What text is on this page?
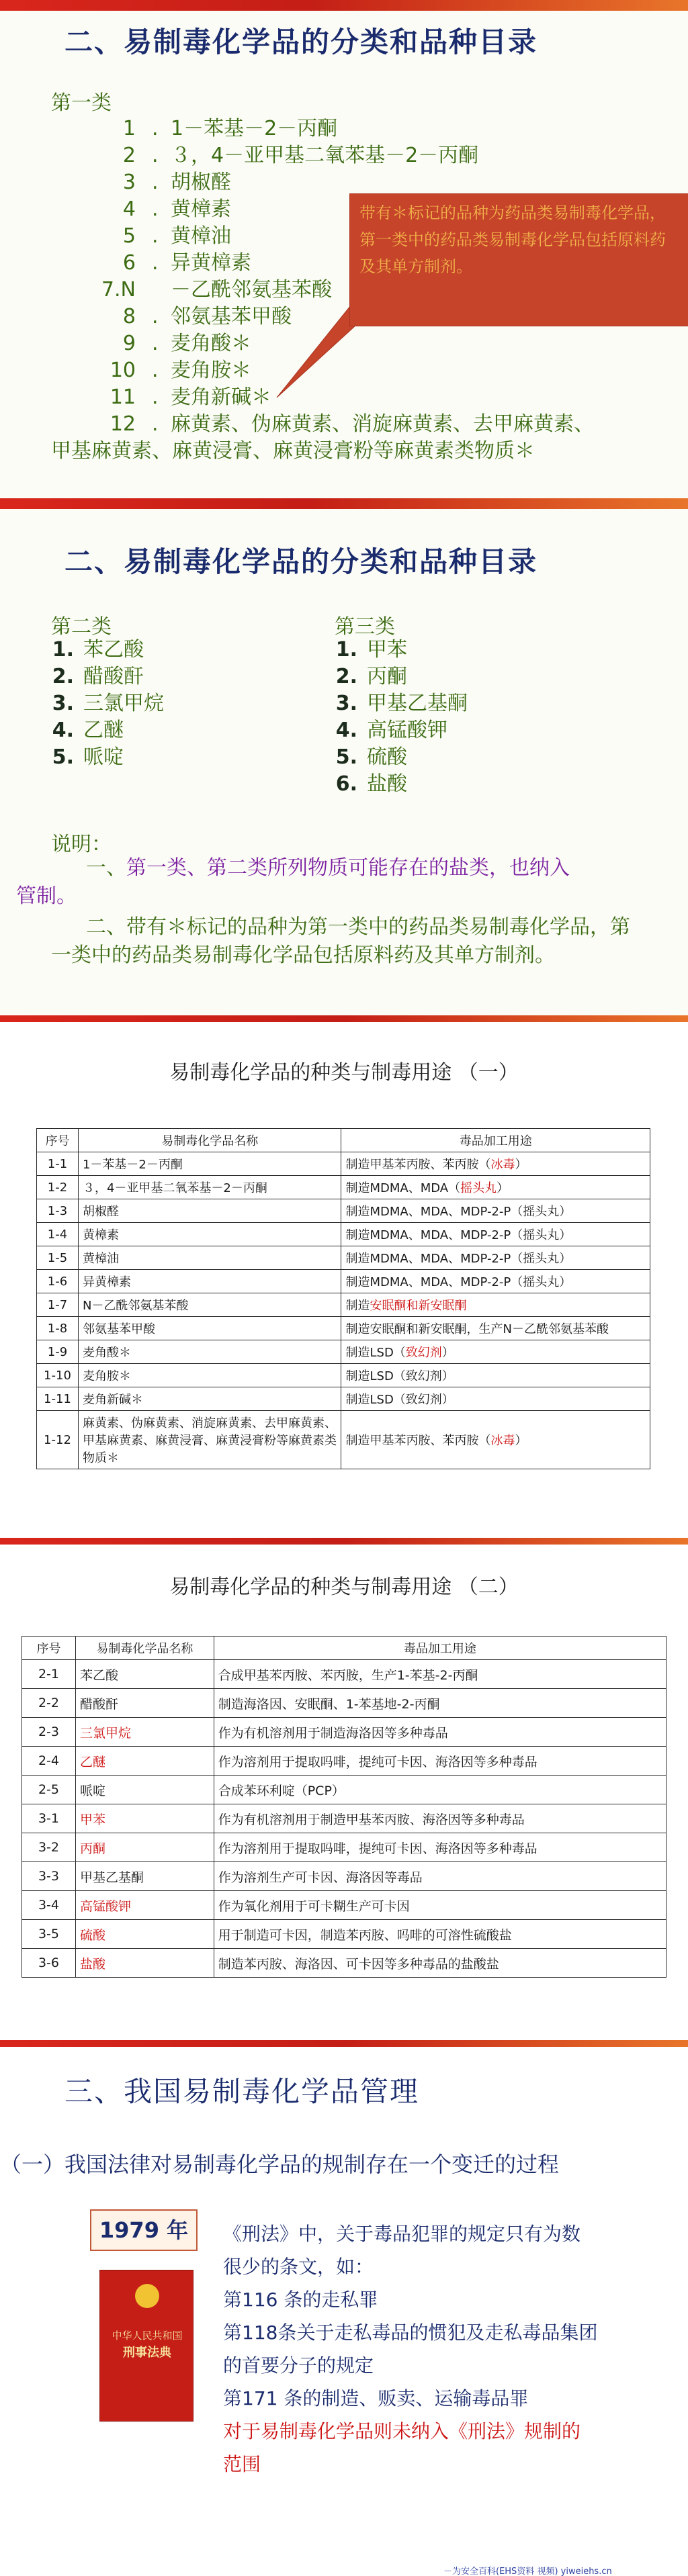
二、易制毒化学品的分类和品种目录
第一类
1 . 1－苯基－2－丙酮
2 . ３，4－亚甲基二氧苯基－2－丙酮
3 . 胡椒醛
4 . 黄樟素
5 . 黄樟油
6 . 异黄樟素
7.N	－乙酰邻氨基苯酸
8 . 邻氨基苯甲酸
9 . 麦角酸＊
10 . 麦角胺＊
11 . 麦角新碱＊
12 . 麻黄素、伪麻黄素、消旋麻黄素、去甲麻黄素、
甲基麻黄素、麻黄浸膏、麻黄浸膏粉等麻黄素类物质＊
带有＊标记的品种为药品类易制毒化学品，第一类中的药品类易制毒化学品包括原料药及其单方制剂。
二、易制毒化学品的分类和品种目录
第二类
1. 苯乙酸
2. 醋酸酐
3. 三氯甲烷
4. 乙醚
5. 哌啶
第三类
1. 甲苯
2. 丙酮
3. 甲基乙基酮
4. 高锰酸钾
5. 硫酸
6. 盐酸
说明：
一、第一类、第二类所列物质可能存在的盐类，也纳入
管制。
二、带有＊标记的品种为第一类中的药品类易制毒化学品，第一类中的药品类易制毒化学品包括原料药及其单方制剂。
易制毒化学品的种类与制毒用途 （一）
序号	易制毒化学品名称	毒品加工用途
1-1	1－苯基－2－丙酮	制造甲基苯丙胺、苯丙胺（冰毒）
1-2	３，4－亚甲基二氧苯基－2－丙酮	制造MDMA、MDA（摇头丸）
1-3	胡椒醛	制造MDMA、MDA、MDP-2-P（摇头丸）
1-4	黄樟素	制造MDMA、MDA、MDP-2-P（摇头丸）
1-5	黄樟油	制造MDMA、MDA、MDP-2-P（摇头丸）
1-6	异黄樟素	制造MDMA、MDA、MDP-2-P（摇头丸）
1-7	N－乙酰邻氨基苯酸	制造安眠酮和新安眠酮
1-8	邻氨基苯甲酸	制造安眠酮和新安眠酮，生产N－乙酰邻氨基苯酸
1-9	麦角酸＊	制造LSD（致幻剂）
1-10	麦角胺＊	制造LSD（致幻剂）
1-11	麦角新碱＊	制造LSD（致幻剂）
1-12	麻黄素、伪麻黄素、消旋麻黄素、去甲麻黄素、甲基麻黄素、麻黄浸膏、麻黄浸膏粉等麻黄素类物质＊	制造甲基苯丙胺、苯丙胺（冰毒）
易制毒化学品的种类与制毒用途 （二）
序号	易制毒化学品名称	毒品加工用途
2-1	苯乙酸	合成甲基苯丙胺、苯丙胺，生产1-苯基-2-丙酮
2-2	醋酸酐	制造海洛因、安眠酮、1-苯基地-2-丙酮
2-3	三氯甲烷	作为有机溶剂用于制造海洛因等多种毒品
2-4	乙醚	作为溶剂用于提取吗啡，提纯可卡因、海洛因等多种毒品
2-5	哌啶	合成苯环利啶（PCP）
3-1	甲苯	作为有机溶剂用于制造甲基苯丙胺、海洛因等多种毒品
3-2	丙酮	作为溶剂用于提取吗啡，提纯可卡因、海洛因等多种毒品
3-3	甲基乙基酮	作为溶剂生产可卡因、海洛因等毒品
3-4	高锰酸钾	作为氧化剂用于可卡糊生产可卡因
3-5	硫酸	用于制造可卡因，制造苯丙胺、吗啡的可溶性硫酸盐
3-6	盐酸	制造苯丙胺、海洛因、可卡因等多种毒品的盐酸盐
三、我国易制毒化学品管理
（一）我国法律对易制毒化学品的规制存在一个变迁的过程
1979 年
中华人民共和国
刑事法典
《刑法》中，关于毒品犯罪的规定只有为数
很少的条文，如：
第116 条的走私罪
第118条关于走私毒品的惯犯及走私毒品集团
的首要分子的规定
第171 条的制造、贩卖、运输毒品罪
对于易制毒化学品则未纳入《刑法》规制的
范围
－为安全百科(EHS资料 视频) yiweiehs.cn
